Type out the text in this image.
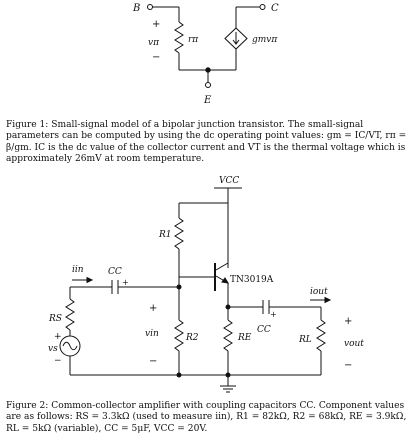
B
+
vπ
−
rπ
E
C
gmvπ
Figure 1: Small-signal model of a bipolar junction transistor. The small-signal parameters can be computed by using the dc operating point values: gm = IC/VT, rπ = β/gm. IC is the dc value of the collector current and VT is the thermal voltage which is approximately 26mV at room temperature.
VCC
R1
TN3019A
+
CC
iout
RL
+
vout
−
RE
R2
+
CC
iin
+
vin
−
RS
+
vs
−
Figure 2: Common-collector amplifier with coupling capacitors CC. Component values are as follows: RS = 3.3kΩ (used to measure iin), R1 = 82kΩ, R2 = 68kΩ, RE = 3.9kΩ, RL = 5kΩ (variable), CC = 5μF, VCC = 20V.
